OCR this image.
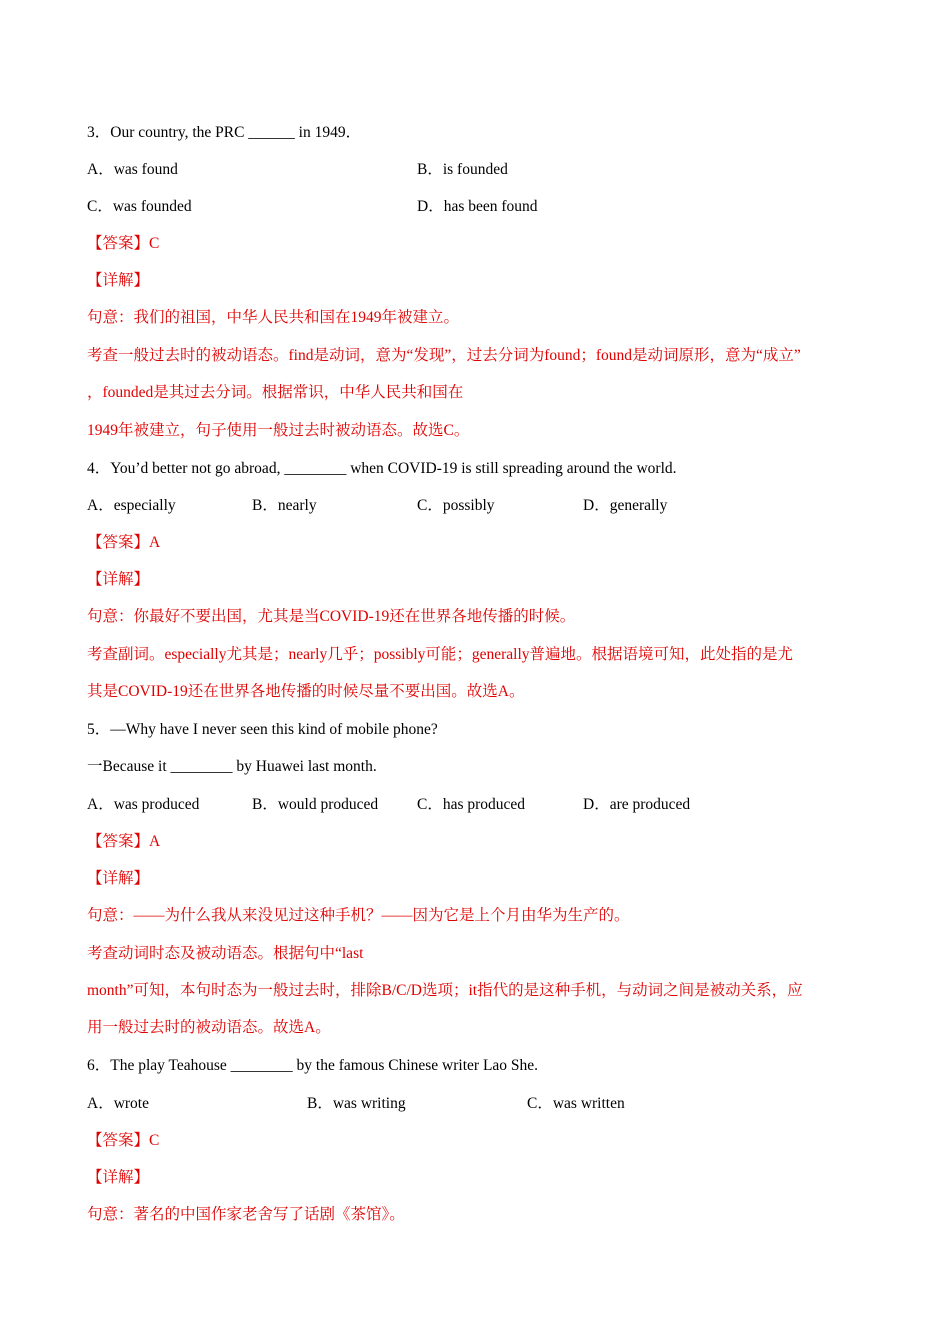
3．Our country, the PRC ______ in 1949．
A．was found	B．is founded
C．was founded	D．has been found
【答案】C
【详解】
句意：我们的祖国，中华人民共和国在1949年被建立。
考查一般过去时的被动语态。find是动词，意为“发现”，过去分词为found；found是动词原形，意为“成立”
，founded是其过去分词。根据常识，中华人民共和国在
1949年被建立，句子使用一般过去时被动语态。故选C。
4．You’d better not go abroad, ________ when COVID-19 is still spreading around the world.
A．especially	B．nearly	C．possibly	D．generally
【答案】A
【详解】
句意：你最好不要出国，尤其是当COVID-19还在世界各地传播的时候。
考查副词。especially尤其是；nearly几乎；possibly可能；generally普遍地。根据语境可知，此处指的是尤
其是COVID-19还在世界各地传播的时候尽量不要出国。故选A。
5．—Why have I never seen this kind of mobile phone?
一Because it ________ by Huawei last month.
A．was produced	B．would produced	C．has produced	D．are produced
【答案】A
【详解】
句意：——为什么我从来没见过这种手机？——因为它是上个月由华为生产的。
考查动词时态及被动语态。根据句中“last
month”可知，本句时态为一般过去时，排除B/C/D选项；it指代的是这种手机，与动词之间是被动关系，应
用一般过去时的被动语态。故选A。
6．The play Teahouse ________ by the famous Chinese writer Lao She.
A．wrote	B．was writing	C．was written
【答案】C
【详解】
句意：著名的中国作家老舍写了话剧《茶馆》。
